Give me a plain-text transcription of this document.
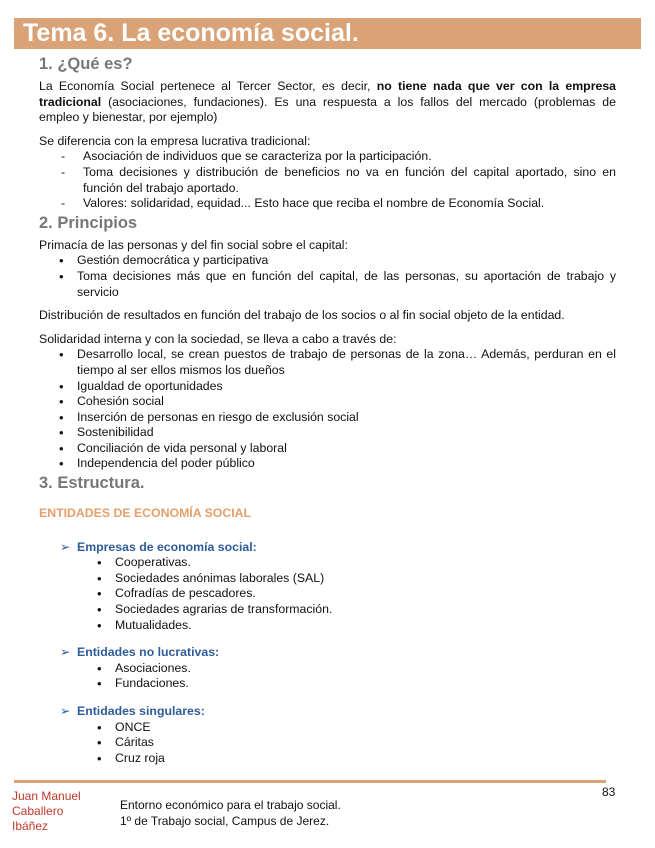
Tema 6. La economía social.
1. ¿Qué es?

La Economía Social pertenece al Tercer Sector, es decir, no tiene nada que ver con la empresa tradicional (asociaciones, fundaciones). Es una respuesta a los fallos del mercado (problemas de empleo y bienestar, por ejemplo)

Se diferencia con la empresa lucrativa tradicional:

- Asociación de individuos que se caracteriza por la participación.
- Toma decisiones y distribución de beneficios no va en función del capital aportado, sino en función del trabajo aportado.
- Valores: solidaridad, equidad... Esto hace que reciba el nombre de Economía Social.
2. Principios

Primacía de las personas y del fin social sobre el capital:

• Gestión democrática y participativa
• Toma decisiones más que en función del capital, de las personas, su aportación de trabajo y servicio

Distribución de resultados en función del trabajo de los socios o al fin social objeto de la entidad.

Solidaridad interna y con la sociedad, se lleva a cabo a través de:

• Desarrollo local, se crean puestos de trabajo de personas de la zona… Además, perduran en el tiempo al ser ellos mismos los dueños
• Igualdad de oportunidades
• Cohesión social
• Inserción de personas en riesgo de exclusión social
• Sostenibilidad
• Conciliación de vida personal y laboral
• Independencia del poder público
3. Estructura.
ENTIDADES DE ECONOMÍA SOCIAL
➢ Empresas de economía social:
• Cooperativas.
• Sociedades anónimas laborales (SAL)
• Cofradías de pescadores.
• Sociedades agrarias de transformación.
• Mutualidades.
➢ Entidades no lucrativas:
• Asociaciones.
• Fundaciones.
➢ Entidades singulares:
• ONCE
• Cáritas
• Cruz roja
83
Juan Manuel
Caballero
Ibáñez
Entorno económico para el trabajo social.
1º de Trabajo social, Campus de Jerez.
